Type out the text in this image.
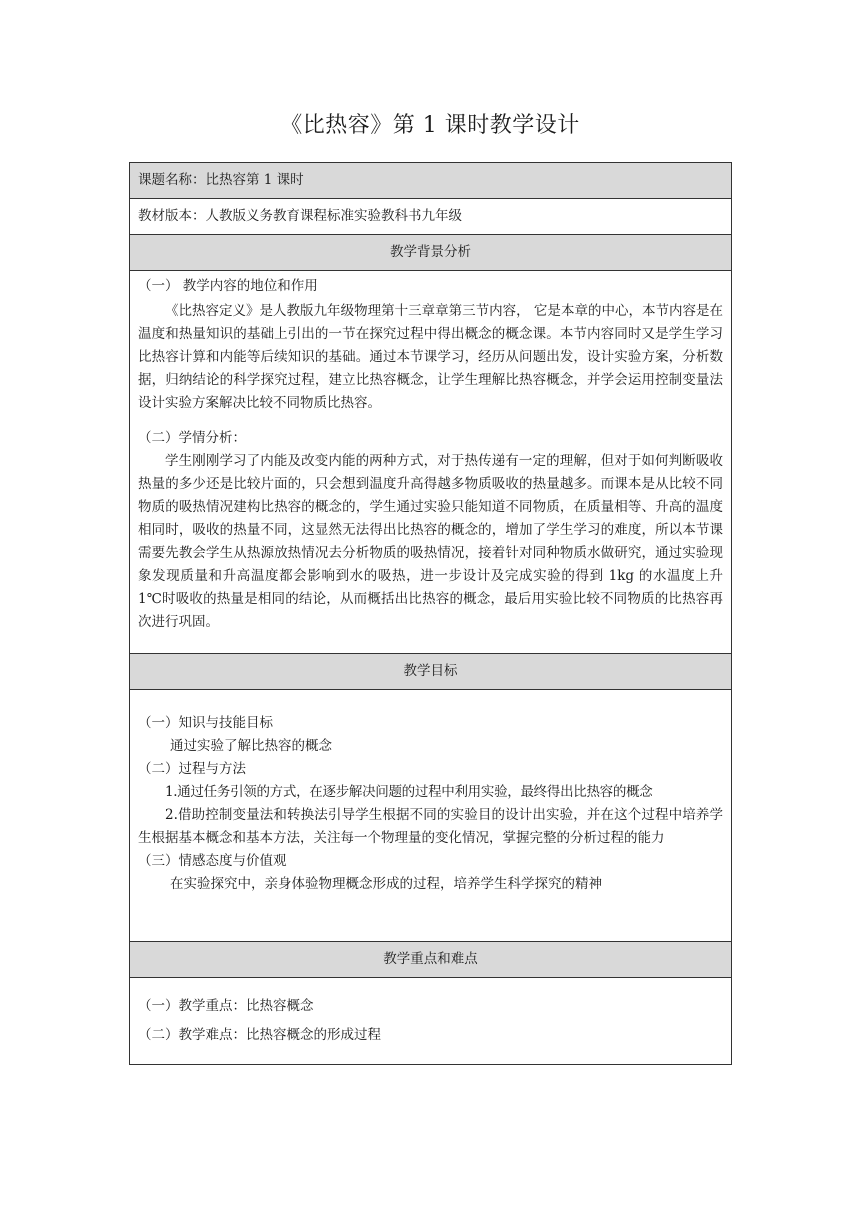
《比热容》第 1 课时教学设计
课题名称：比热容第 1 课时
教材版本：人教版义务教育课程标准实验教科书九年级
教学背景分析

（一） 教学内容的地位和作用

《比热容定义》是人教版九年级物理第十三章章第三节内容， 它是本章的中心，本节内容是在温度和热量知识的基础上引出的一节在探究过程中得出概念的概念课。本节内容同时又是学生学习比热容计算和内能等后续知识的基础。通过本节课学习，经历从问题出发，设计实验方案，分析数据，归纳结论的科学探究过程，建立比热容概念，让学生理解比热容概念，并学会运用控制变量法设计实验方案解决比较不同物质比热容。

（二）学情分析：

学生刚刚学习了内能及改变内能的两种方式，对于热传递有一定的理解，但对于如何判断吸收热量的多少还是比较片面的，只会想到温度升高得越多物质吸收的热量越多。而课本是从比较不同物质的吸热情况建构比热容的概念的，学生通过实验只能知道不同物质，在质量相等、升高的温度相同时，吸收的热量不同，这显然无法得出比热容的概念的，增加了学生学习的难度，所以本节课需要先教会学生从热源放热情况去分析物质的吸热情况，接着针对同种物质水做研究，通过实验现象发现质量和升高温度都会影响到水的吸热，进一步设计及完成实验的得到 1kg 的水温度上升 1℃时吸收的热量是相同的结论，从而概括出比热容的概念，最后用实验比较不同物质的比热容再次进行巩固。

教学目标

（一）知识与技能目标

通过实验了解比热容的概念

（二）过程与方法

1.通过任务引领的方式，在逐步解决问题的过程中利用实验，最终得出比热容的概念

2.借助控制变量法和转换法引导学生根据不同的实验目的设计出实验，并在这个过程中培养学生根据基本概念和基本方法，关注每一个物理量的变化情况，掌握完整的分析过程的能力

（三）情感态度与价值观

在实验探究中，亲身体验物理概念形成的过程，培养学生科学探究的精神

教学重点和难点

（一）教学重点：比热容概念

（二）教学难点：比热容概念的形成过程
